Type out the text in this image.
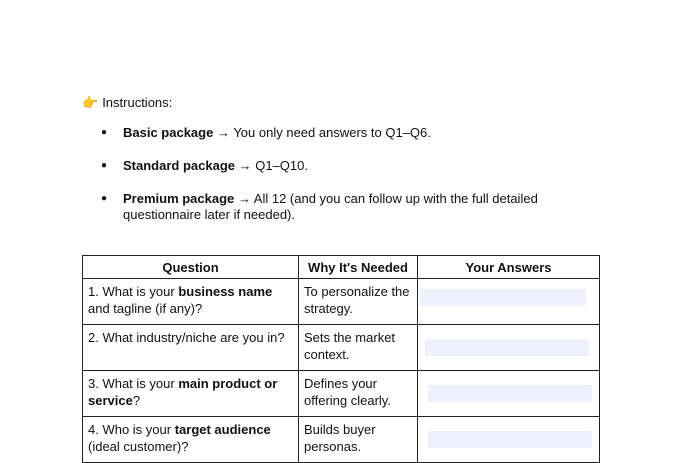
👉 Instructions:
● Basic package → You only need answers to Q1–Q6.
● Standard package → Q1–Q10.
● Premium package → All 12 (and you can follow up with the full detailed questionnaire later if needed).
Question	Why It's Needed	Your Answers
1. What is your business name and tagline (if any)?	To personalize the strategy.	

2. What industry/niche are you in?	Sets the market context.	

3. What is your main product or service?	Defines your offering clearly.	

4. Who is your target audience (ideal customer)?	Builds buyer personas.	
